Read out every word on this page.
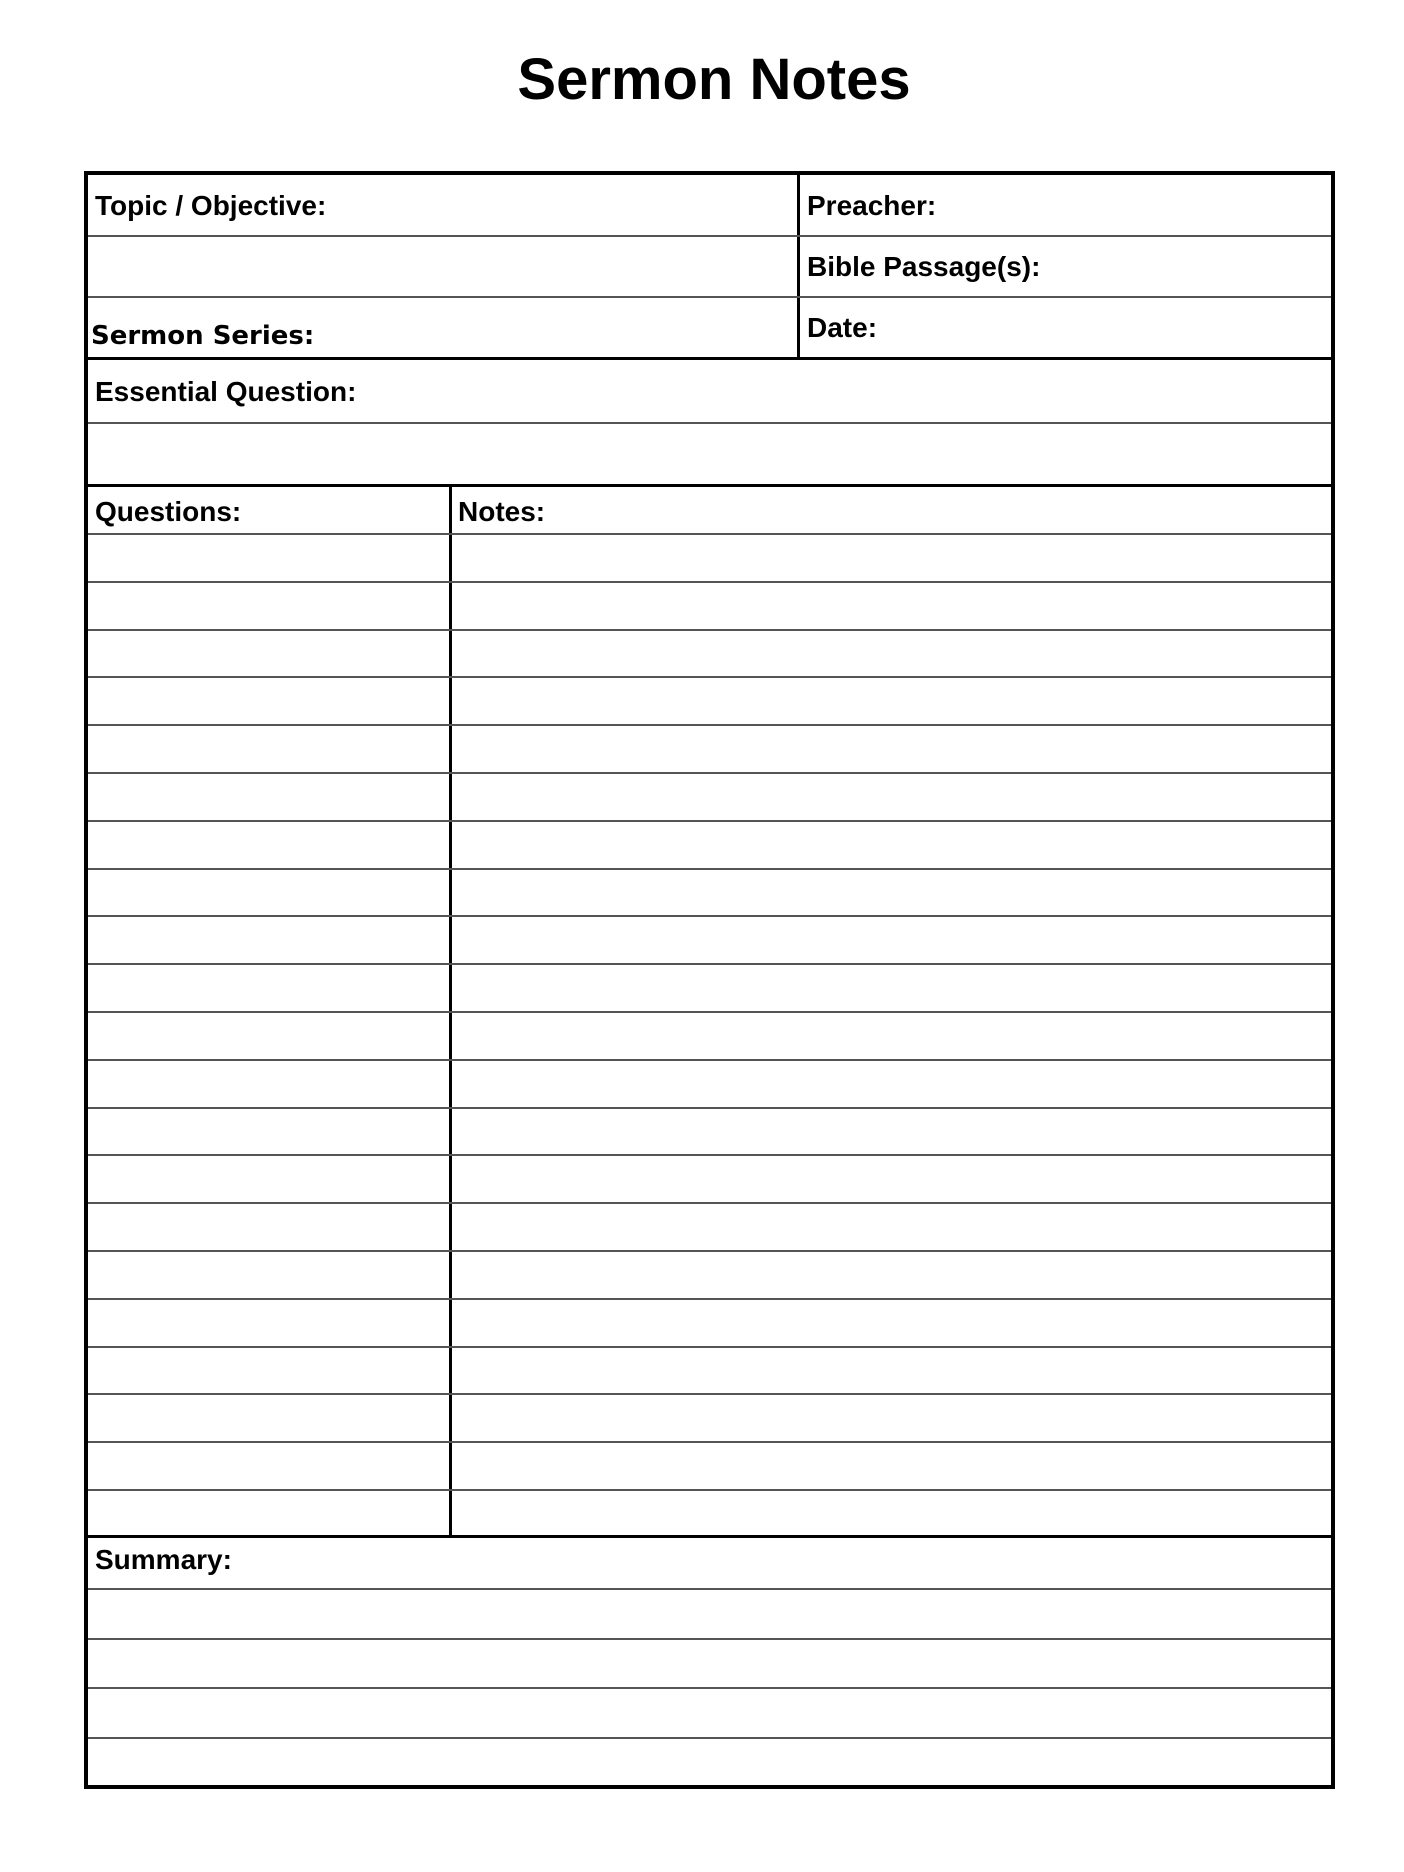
Sermon Notes
Topic / Objective:
Sermon Series:
Preacher:
Bible Passage(s):
Date:
Essential Question:
Questions:	Notes:
Summary:
